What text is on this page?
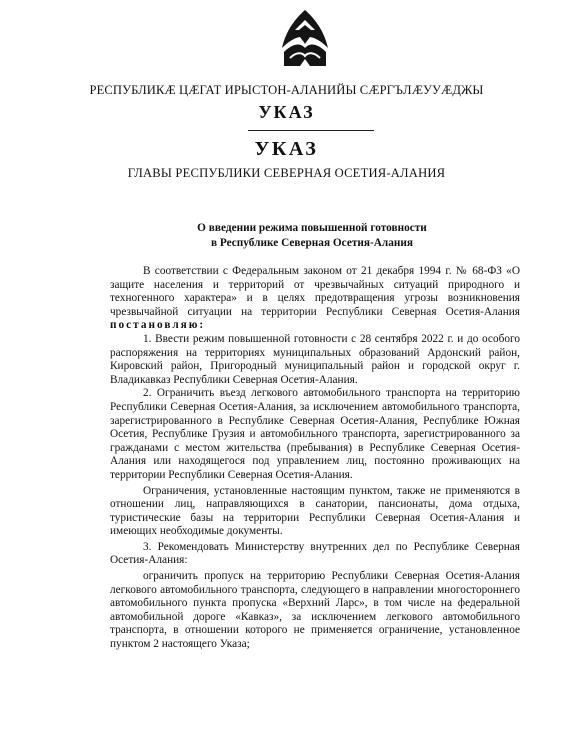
РЕСПУБЛИКӔ ЦӔГАТ ИРЫСТОН-АЛАНИЙЫ СӔРГЪЛӔУУӔДЖЫ
УКАЗ
УКАЗ
ГЛАВЫ РЕСПУБЛИКИ СЕВЕРНАЯ ОСЕТИЯ-АЛАНИЯ
О введении режима повышенной готовности
в Республике Северная Осетия-Алания

В соответствии с Федеральным законом от 21 декабря 1994 г. № 68-ФЗ «О защите населения и территорий от чрезвычайных ситуаций природного и техногенного характера» и в целях предотвращения угрозы возникновения чрезвычайной ситуации на территории Республики Северная Осетия-Алания постановляю:

1. Ввести режим повышенной готовности с 28 сентября 2022 г. и до особого распоряжения на территориях муниципальных образований Ардонский район, Кировский район, Пригородный муниципальный район и городской округ г. Владикавказ Республики Северная Осетия-Алания.

2. Ограничить въезд легкового автомобильного транспорта на территорию Республики Северная Осетия-Алания, за исключением автомобильного транспорта, зарегистрированного в Республике Северная Осетия-Алания, Республике Южная Осетия, Республике Грузия и автомобильного транспорта, зарегистрированного за гражданами с местом жительства (пребывания) в Республике Северная Осетия-Алания или находящегося под управлением лиц, постоянно проживающих на территории Республики Северная Осетия-Алания.

Ограничения, установленные настоящим пунктом, также не применяются в отношении лиц, направляющихся в санатории, пансионаты, дома отдыха, туристические базы на территории Республики Северная Осетия-Алания и имеющих необходимые документы.

3. Рекомендовать Министерству внутренних дел по Республике Северная Осетия-Алания:

ограничить пропуск на территорию Республики Северная Осетия-Алания легкового автомобильного транспорта, следующего в направлении многостороннего автомобильного пункта пропуска «Верхний Ларс», в том числе на федеральной автомобильной дороге «Кавказ», за исключением легкового автомобильного транспорта, в отношении которого не применяется ограничение, установленное пунктом 2 настоящего Указа;
